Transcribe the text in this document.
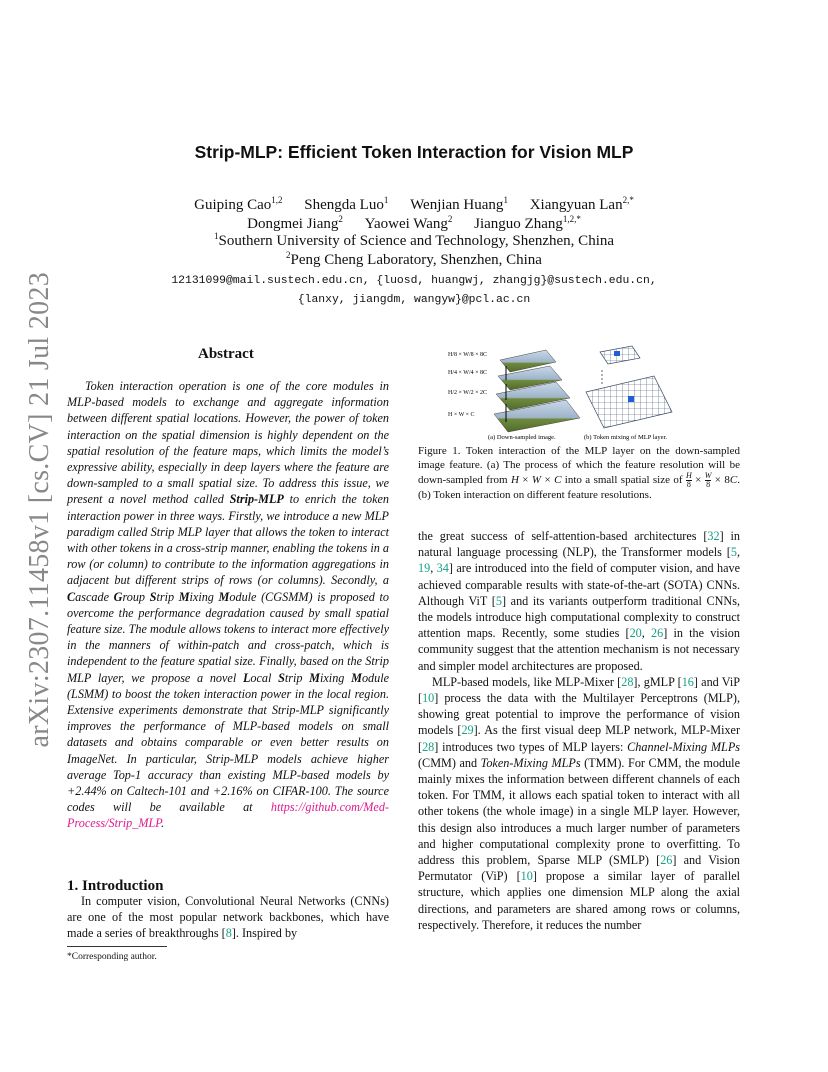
arXiv:2307.11458v1 [cs.CV] 21 Jul 2023
Strip-MLP: Efficient Token Interaction for Vision MLP
Guiping Cao$^{1,2}$ Shengda Luo$^1$ Wenjian Huang$^1$ Xiangyuan Lan$^{2,*}$
Dongmei Jiang$^2$ Yaowei Wang$^2$ Jianguo Zhang$^{1,2,*}$
$^1$Southern University of Science and Technology, Shenzhen, China
$^2$Peng Cheng Laboratory, Shenzhen, China
12131099@mail.sustech.edu.cn, {luosd, huangwj, zhangjg}@sustech.edu.cn,
{lanxy, jiangdm, wangyw}@pcl.ac.cn
Abstract

Token interaction operation is one of the core modules in MLP-based models to exchange and aggregate information between different spatial locations. However, the power of token interaction on the spatial dimension is highly dependent on the spatial resolution of the feature maps, which limits the model’s expressive ability, especially in deep layers where the feature are down-sampled to a small spatial size. To address this issue, we present a novel method called Strip-MLP to enrich the token interaction power in three ways. Firstly, we introduce a new MLP paradigm called Strip MLP layer that allows the token to interact with other tokens in a cross-strip manner, enabling the tokens in a row (or column) to contribute to the information aggregations in adjacent but different strips of rows (or columns). Secondly, a Cascade Group Strip Mixing Module (CGSMM) is proposed to overcome the performance degradation caused by small spatial feature size. The module allows tokens to interact more effectively in the manners of within-patch and cross-patch, which is independent to the feature spatial size. Finally, based on the Strip MLP layer, we propose a novel Local Strip Mixing Module (LSMM) to boost the token interaction power in the local region. Extensive experiments demonstrate that Strip-MLP significantly improves the performance of MLP-based models on small datasets and obtains comparable or even better results on ImageNet. In particular, Strip-MLP models achieve higher average Top-1 accuracy than existing MLP-based models by +2.44% on Caltech-101 and +2.16% on CIFAR-100. The source codes will be available at https://github.com/Med-Process/Strip_MLP.

1. Introduction

In computer vision, Convolutional Neural Networks (CNNs) are one of the most popular network backbones, which have made a series of breakthroughs [8]. Inspired by

*Corresponding author.
H/8 × W/8 × 8C
H/4 × W/4 × 8C
H/2 × W/2 × 2C
H × W × C
(a) Down-sampled image.	(b) Token mixing of MLP layer.
Figure 1. Token interaction of the MLP layer on the down-sampled image feature. (a) The process of which the feature resolution will be down-sampled from H × W × C into a small spatial size of $\frac{H}{8} \times \frac{W}{8} \times 8C$. (b) Token interaction on different feature resolutions.

the great success of self-attention-based architectures [32] in natural language processing (NLP), the Transformer models [5, 19, 34] are introduced into the field of computer vision, and have achieved comparable results with state-of-the-art (SOTA) CNNs. Although ViT [5] and its variants outperform traditional CNNs, the models introduce high computational complexity to construct attention maps. Recently, some studies [20, 26] in the vision community suggest that the attention mechanism is not necessary and simpler model architectures are proposed.

MLP-based models, like MLP-Mixer [28], gMLP [16] and ViP [10] process the data with the Multilayer Perceptrons (MLP), showing great potential to improve the performance of vision models [29]. As the first visual deep MLP network, MLP-Mixer [28] introduces two types of MLP layers: Channel-Mixing MLPs (CMM) and Token-Mixing MLPs (TMM). For CMM, the module mainly mixes the information between different channels of each token. For TMM, it allows each spatial token to interact with all other tokens (the whole image) in a single MLP layer. However, this design also introduces a much larger number of parameters and higher computational complexity prone to overfitting. To address this problem, Sparse MLP (SMLP) [26] and Vision Permutator (ViP) [10] propose a similar layer of parallel structure, which applies one dimension MLP along the axial directions, and parameters are shared among rows or columns, respectively. Therefore, it reduces the number
